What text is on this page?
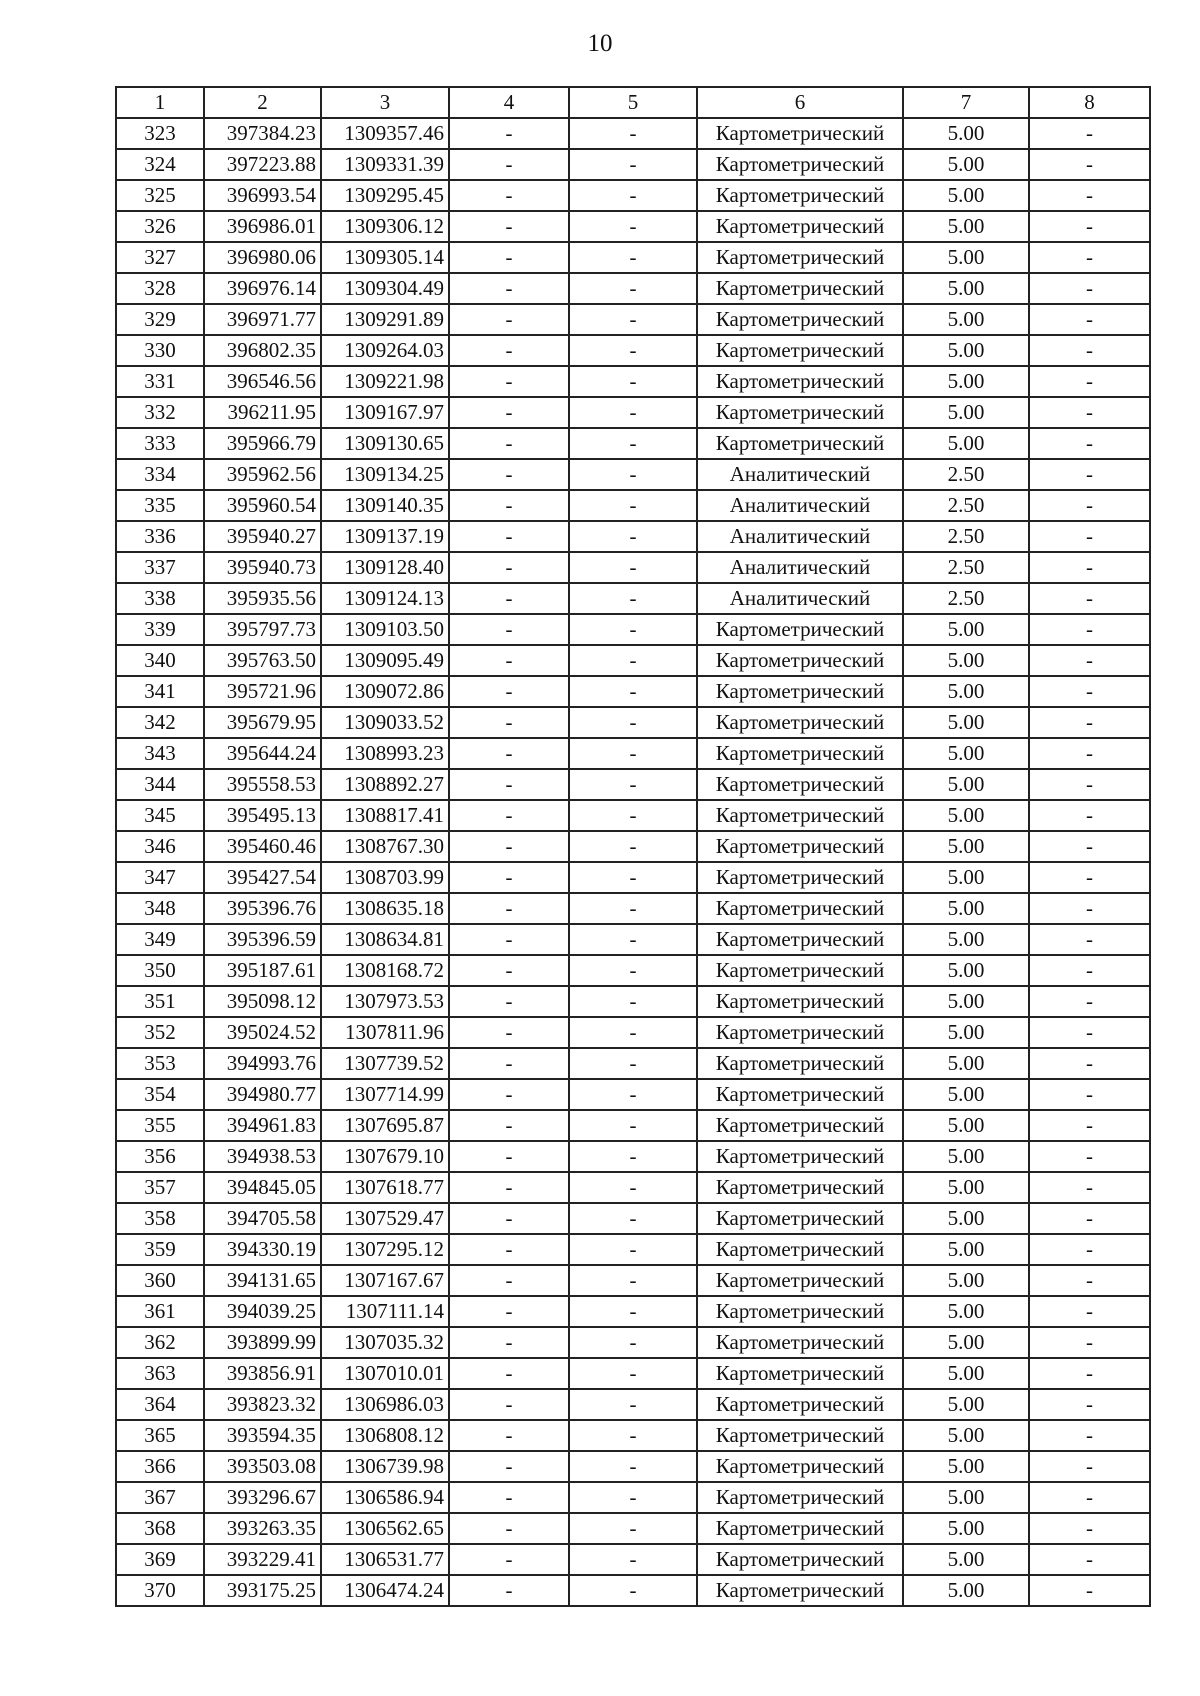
10
1	2	3	4	5	6	7	8
323	397384.23	1309357.46	-	-	Картометрический	5.00	-
324	397223.88	1309331.39	-	-	Картометрический	5.00	-
325	396993.54	1309295.45	-	-	Картометрический	5.00	-
326	396986.01	1309306.12	-	-	Картометрический	5.00	-
327	396980.06	1309305.14	-	-	Картометрический	5.00	-
328	396976.14	1309304.49	-	-	Картометрический	5.00	-
329	396971.77	1309291.89	-	-	Картометрический	5.00	-
330	396802.35	1309264.03	-	-	Картометрический	5.00	-
331	396546.56	1309221.98	-	-	Картометрический	5.00	-
332	396211.95	1309167.97	-	-	Картометрический	5.00	-
333	395966.79	1309130.65	-	-	Картометрический	5.00	-
334	395962.56	1309134.25	-	-	Аналитический	2.50	-
335	395960.54	1309140.35	-	-	Аналитический	2.50	-
336	395940.27	1309137.19	-	-	Аналитический	2.50	-
337	395940.73	1309128.40	-	-	Аналитический	2.50	-
338	395935.56	1309124.13	-	-	Аналитический	2.50	-
339	395797.73	1309103.50	-	-	Картометрический	5.00	-
340	395763.50	1309095.49	-	-	Картометрический	5.00	-
341	395721.96	1309072.86	-	-	Картометрический	5.00	-
342	395679.95	1309033.52	-	-	Картометрический	5.00	-
343	395644.24	1308993.23	-	-	Картометрический	5.00	-
344	395558.53	1308892.27	-	-	Картометрический	5.00	-
345	395495.13	1308817.41	-	-	Картометрический	5.00	-
346	395460.46	1308767.30	-	-	Картометрический	5.00	-
347	395427.54	1308703.99	-	-	Картометрический	5.00	-
348	395396.76	1308635.18	-	-	Картометрический	5.00	-
349	395396.59	1308634.81	-	-	Картометрический	5.00	-
350	395187.61	1308168.72	-	-	Картометрический	5.00	-
351	395098.12	1307973.53	-	-	Картометрический	5.00	-
352	395024.52	1307811.96	-	-	Картометрический	5.00	-
353	394993.76	1307739.52	-	-	Картометрический	5.00	-
354	394980.77	1307714.99	-	-	Картометрический	5.00	-
355	394961.83	1307695.87	-	-	Картометрический	5.00	-
356	394938.53	1307679.10	-	-	Картометрический	5.00	-
357	394845.05	1307618.77	-	-	Картометрический	5.00	-
358	394705.58	1307529.47	-	-	Картометрический	5.00	-
359	394330.19	1307295.12	-	-	Картометрический	5.00	-
360	394131.65	1307167.67	-	-	Картометрический	5.00	-
361	394039.25	1307111.14	-	-	Картометрический	5.00	-
362	393899.99	1307035.32	-	-	Картометрический	5.00	-
363	393856.91	1307010.01	-	-	Картометрический	5.00	-
364	393823.32	1306986.03	-	-	Картометрический	5.00	-
365	393594.35	1306808.12	-	-	Картометрический	5.00	-
366	393503.08	1306739.98	-	-	Картометрический	5.00	-
367	393296.67	1306586.94	-	-	Картометрический	5.00	-
368	393263.35	1306562.65	-	-	Картометрический	5.00	-
369	393229.41	1306531.77	-	-	Картометрический	5.00	-
370	393175.25	1306474.24	-	-	Картометрический	5.00	-
